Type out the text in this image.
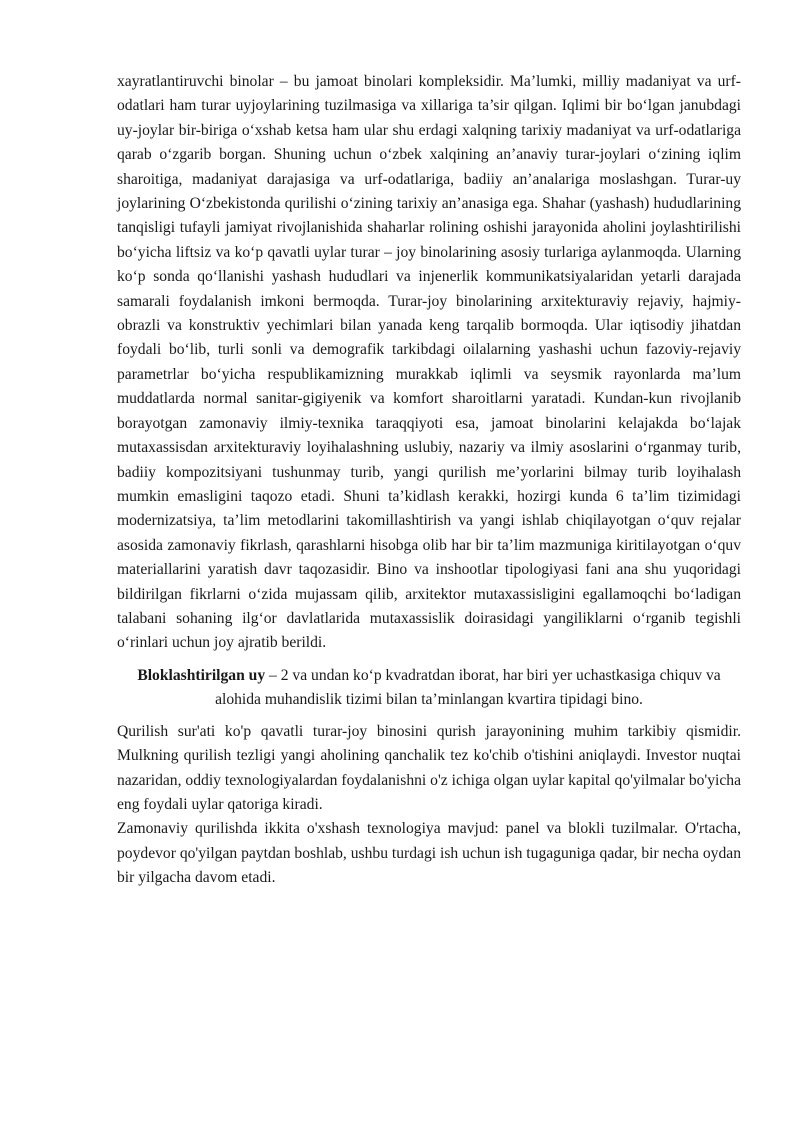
xayratlantiruvchi binolar – bu jamoat binolari kompleksidir. Ma’lumki, milliy madaniyat va urf-odatlari ham turar uyjoylarining tuzilmasiga va xillariga ta’sir qilgan. Iqlimi bir bo‘lgan janubdagi uy-joylar bir-biriga o‘xshab ketsa ham ular shu erdagi xalqning tarixiy madaniyat va urf-odatlariga qarab o‘zgarib borgan. Shuning uchun o‘zbek xalqining an’anaviy turar-joylari o‘zining iqlim sharoitiga, madaniyat darajasiga va urf-odatlariga, badiiy an’analariga moslashgan. Turar-uy joylarining O‘zbekistonda qurilishi o‘zining tarixiy an’anasiga ega. Shahar (yashash) hududlarining tanqisligi tufayli jamiyat rivojlanishida shaharlar rolining oshishi jarayonida aholini joylashtirilishi bo‘yicha liftsiz va ko‘p qavatli uylar turar – joy binolarining asosiy turlariga aylanmoqda. Ularning ko‘p sonda qo‘llanishi yashash hududlari va injenerlik kommunikatsiyalaridan yetarli darajada samarali foydalanish imkoni bermoqda. Turar-joy binolarining arxitekturaviy rejaviy, hajmiy-obrazli va konstruktiv yechimlari bilan yanada keng tarqalib bormoqda. Ular iqtisodiy jihatdan foydali bo‘lib, turli sonli va demografik tarkibdagi oilalarning yashashi uchun fazoviy-rejaviy parametrlar bo‘yicha respublikamizning murakkab iqlimli va seysmik rayonlarda ma’lum muddatlarda normal sanitar-gigiyenik va komfort sharoitlarni yaratadi. Kundan-kun rivojlanib borayotgan zamonaviy ilmiy-texnika taraqqiyoti esa, jamoat binolarini kelajakda bo‘lajak mutaxassisdan arxitekturaviy loyihalashning uslubiy, nazariy va ilmiy asoslarini o‘rganmay turib, badiiy kompozitsiyani tushunmay turib, yangi qurilish me’yorlarini bilmay turib loyihalash mumkin emasligini taqozo etadi. Shuni ta’kidlash kerakki, hozirgi kunda 6 ta’lim tizimidagi modernizatsiya, ta’lim metodlarini takomillashtirish va yangi ishlab chiqilayotgan o‘quv rejalar asosida zamonaviy fikrlash, qarashlarni hisobga olib har bir ta’lim mazmuniga kiritilayotgan o‘quv materiallarini yaratish davr taqozasidir. Bino va inshootlar tipologiyasi fani ana shu yuqoridagi bildirilgan fikrlarni o‘zida mujassam qilib, arxitektor mutaxassisligini egallamoqchi bo‘ladigan talabani sohaning ilg‘or davlatlarida mutaxassislik doirasidagi yangiliklarni o‘rganib tegishli o‘rinlari uchun joy ajratib berildi.

Bloklashtirilgan uy – 2 va undan ko‘p kvadratdan iborat, har biri yer uchastkasiga chiquv va alohida muhandislik tizimi bilan ta’minlangan kvartira tipidagi bino.

Qurilish sur'ati ko'p qavatli turar-joy binosini qurish jarayonining muhim tarkibiy qismidir. Mulkning qurilish tezligi yangi aholining qanchalik tez ko'chib o'tishini aniqlaydi. Investor nuqtai nazaridan, oddiy texnologiyalardan foydalanishni o'z ichiga olgan uylar kapital qo'yilmalar bo'yicha eng foydali uylar qatoriga kiradi.

Zamonaviy qurilishda ikkita o'xshash texnologiya mavjud: panel va blokli tuzilmalar. O'rtacha, poydevor qo'yilgan paytdan boshlab, ushbu turdagi ish uchun ish tugaguniga qadar, bir necha oydan bir yilgacha davom etadi.
